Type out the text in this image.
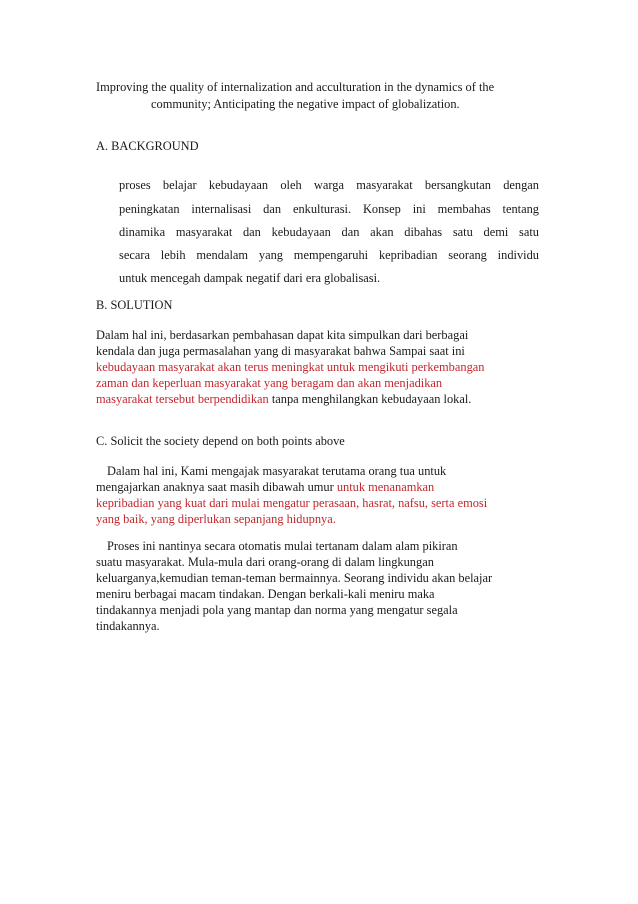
Improving the quality of internalization and acculturation in the dynamics of the
community; Anticipating the negative impact of globalization.
A. BACKGROUND
proses belajar kebudayaan oleh warga masyarakat bersangkutan dengan
peningkatan internalisasi dan enkulturasi. Konsep ini membahas tentang
dinamika masyarakat dan kebudayaan dan akan dibahas satu demi satu
secara lebih mendalam yang mempengaruhi kepribadian seorang individu
untuk mencegah dampak negatif dari era globalisasi.
B. SOLUTION
Dalam hal ini, berdasarkan pembahasan dapat kita simpulkan dari berbagai
kendala dan juga permasalahan yang di masyarakat bahwa Sampai saat ini
kebudayaan masyarakat akan terus meningkat untuk mengikuti perkembangan
zaman dan keperluan masyarakat yang beragam dan akan menjadikan
masyarakat tersebut berpendidikan tanpa menghilangkan kebudayaan lokal.
C. Solicit the society depend on both points above
Dalam hal ini, Kami mengajak masyarakat terutama orang tua untuk
mengajarkan anaknya saat masih dibawah umur untuk menanamkan
kepribadian yang kuat dari mulai mengatur perasaan, hasrat, nafsu, serta emosi
yang baik, yang diperlukan sepanjang hidupnya.
Proses ini nantinya secara otomatis mulai tertanam dalam alam pikiran
suatu masyarakat. Mula-mula dari orang-orang di dalam lingkungan
keluarganya,kemudian teman-teman bermainnya. Seorang individu akan belajar
meniru berbagai macam tindakan. Dengan berkali-kali meniru maka
tindakannya menjadi pola yang mantap dan norma yang mengatur segala
tindakannya.
